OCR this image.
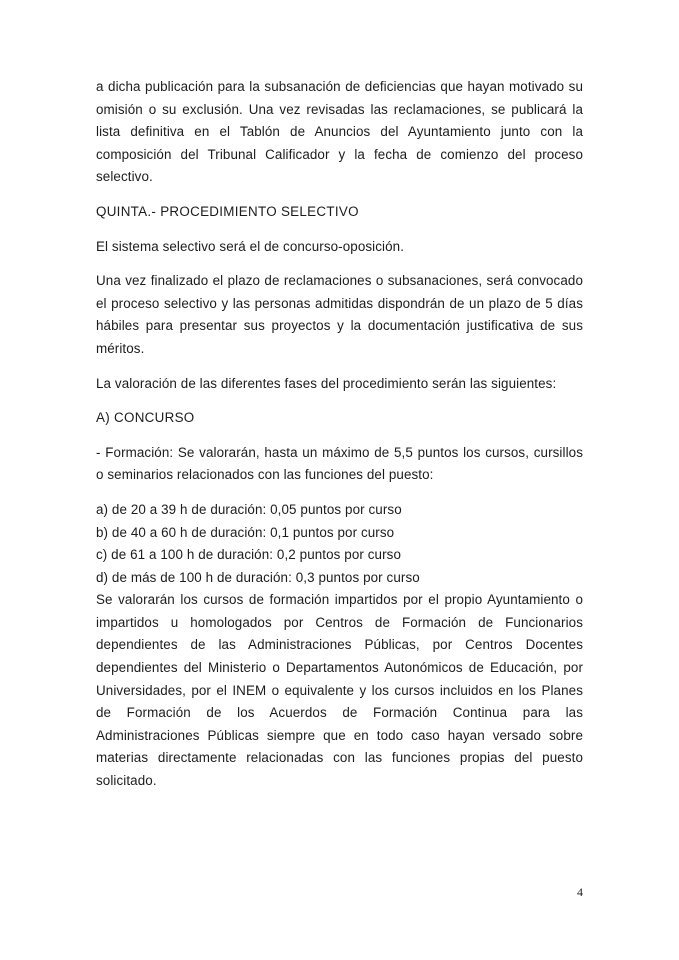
a dicha publicación para la subsanación de deficiencias que hayan motivado su omisión o su exclusión. Una vez revisadas las reclamaciones, se publicará la lista definitiva en el Tablón de Anuncios del Ayuntamiento junto con la composición del Tribunal Calificador y la fecha de comienzo del proceso selectivo.

QUINTA.- PROCEDIMIENTO SELECTIVO

El sistema selectivo será el de concurso-oposición.

Una vez finalizado el plazo de reclamaciones o subsanaciones, será convocado el proceso selectivo y las personas admitidas dispondrán de un plazo de 5 días hábiles para presentar sus proyectos y la documentación justificativa de sus méritos.

La valoración de las diferentes fases del procedimiento serán las siguientes:

A) CONCURSO

- Formación: Se valorarán, hasta un máximo de 5,5 puntos los cursos, cursillos o seminarios relacionados con las funciones del puesto:

a) de 20 a 39 h de duración: 0,05 puntos por curso
b) de 40 a 60 h de duración: 0,1 puntos por curso
c) de 61 a 100 h de duración: 0,2 puntos por curso
d) de más de 100 h de duración: 0,3 puntos por curso

Se valorarán los cursos de formación impartidos por el propio Ayuntamiento o impartidos u homologados por Centros de Formación de Funcionarios dependientes de las Administraciones Públicas, por Centros Docentes dependientes del Ministerio o Departamentos Autonómicos de Educación, por Universidades, por el INEM o equivalente y los cursos incluidos en los Planes de Formación de los Acuerdos de Formación Continua para las Administraciones Públicas siempre que en todo caso hayan versado sobre materias directamente relacionadas con las funciones propias del puesto solicitado.

4
